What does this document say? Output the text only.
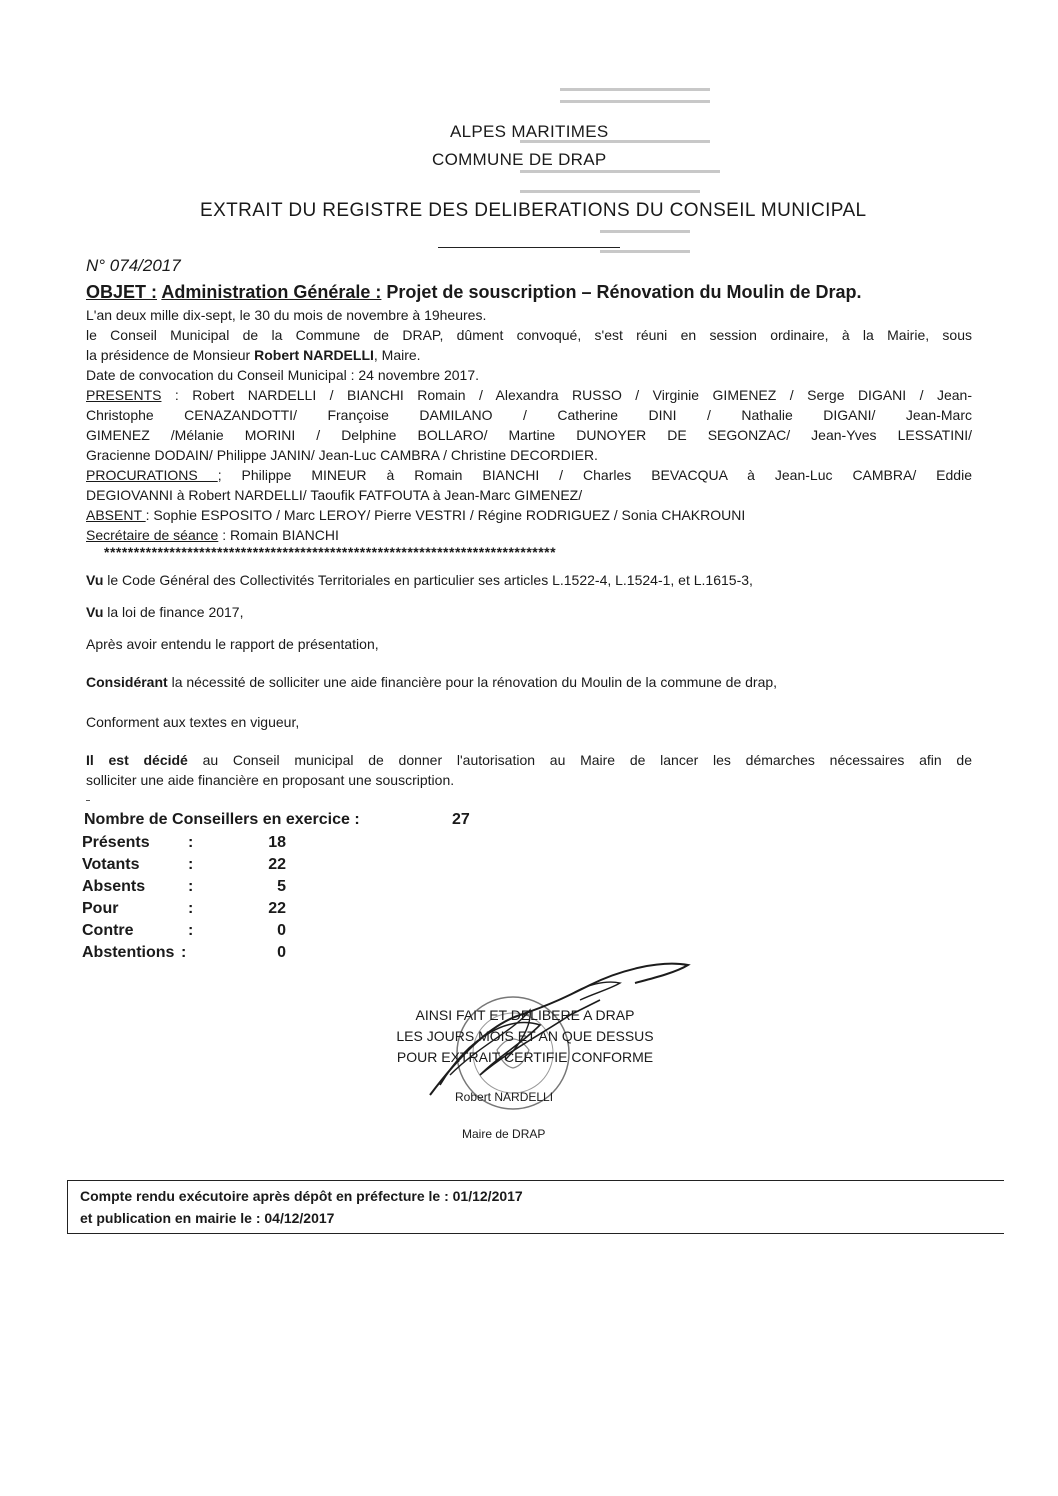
ALPES MARITIMES
COMMUNE DE DRAP
EXTRAIT DU REGISTRE DES DELIBERATIONS DU CONSEIL MUNICIPAL
N° 074/2017
OBJET : Administration Générale : Projet de souscription – Rénovation du Moulin de Drap.
L'an deux mille dix-sept, le 30 du mois de novembre à 19heures.
le Conseil Municipal de la Commune de DRAP, dûment convoqué, s'est réuni en session ordinaire, à la Mairie, sous
la présidence de Monsieur Robert NARDELLI, Maire.
Date de convocation du Conseil Municipal : 24 novembre 2017.
PRESENTS : Robert NARDELLI / BIANCHI Romain / Alexandra RUSSO / Virginie GIMENEZ / Serge DIGANI / Jean-
Christophe CENAZANDOTTI/ Françoise DAMILANO / Catherine DINI / Nathalie DIGANI/ Jean-Marc
GIMENEZ /Mélanie MORINI / Delphine BOLLARO/ Martine DUNOYER DE SEGONZAC/ Jean-Yves LESSATINI/
Gracienne DODAIN/ Philippe JANIN/ Jean-Luc CAMBRA / Christine DECORDIER.
PROCURATIONS ; Philippe MINEUR à Romain BIANCHI / Charles BEVACQUA à Jean-Luc CAMBRA/ Eddie
DEGIOVANNI à Robert NARDELLI/ Taoufik FATFOUTA à Jean-Marc GIMENEZ/
ABSENT : Sophie ESPOSITO / Marc LEROY/ Pierre VESTRI / Régine RODRIGUEZ / Sonia CHAKROUNI
Secrétaire de séance : Romain BIANCHI
****************************************************************************
Vu le Code Général des Collectivités Territoriales en particulier ses articles L.1522-4, L.1524-1, et L.1615-3,
Vu la loi de finance 2017,
Après avoir entendu le rapport de présentation,
Considérant la nécessité de solliciter une aide financière pour la rénovation du Moulin de la commune de drap,
Conforment aux textes en vigueur,
Il est décidé au Conseil municipal de donner l'autorisation au Maire de lancer les démarches nécessaires afin de
solliciter une aide financière en proposant une souscription.
Nombre de Conseillers en exercice :	27
Présents :	18
Votants	:	22
Absents	:	5
Pour	:	22
Contre	:	0
Abstentions :	0
AINSI FAIT ET DELIBERE A DRAP
LES JOURS MOIS ET AN QUE DESSUS
POUR EXTRAIT CERTIFIE CONFORME
Robert NARDELLI
Maire de DRAP
Compte rendu exécutoire après dépôt en préfecture le : 01/12/2017
et publication en mairie le : 04/12/2017
